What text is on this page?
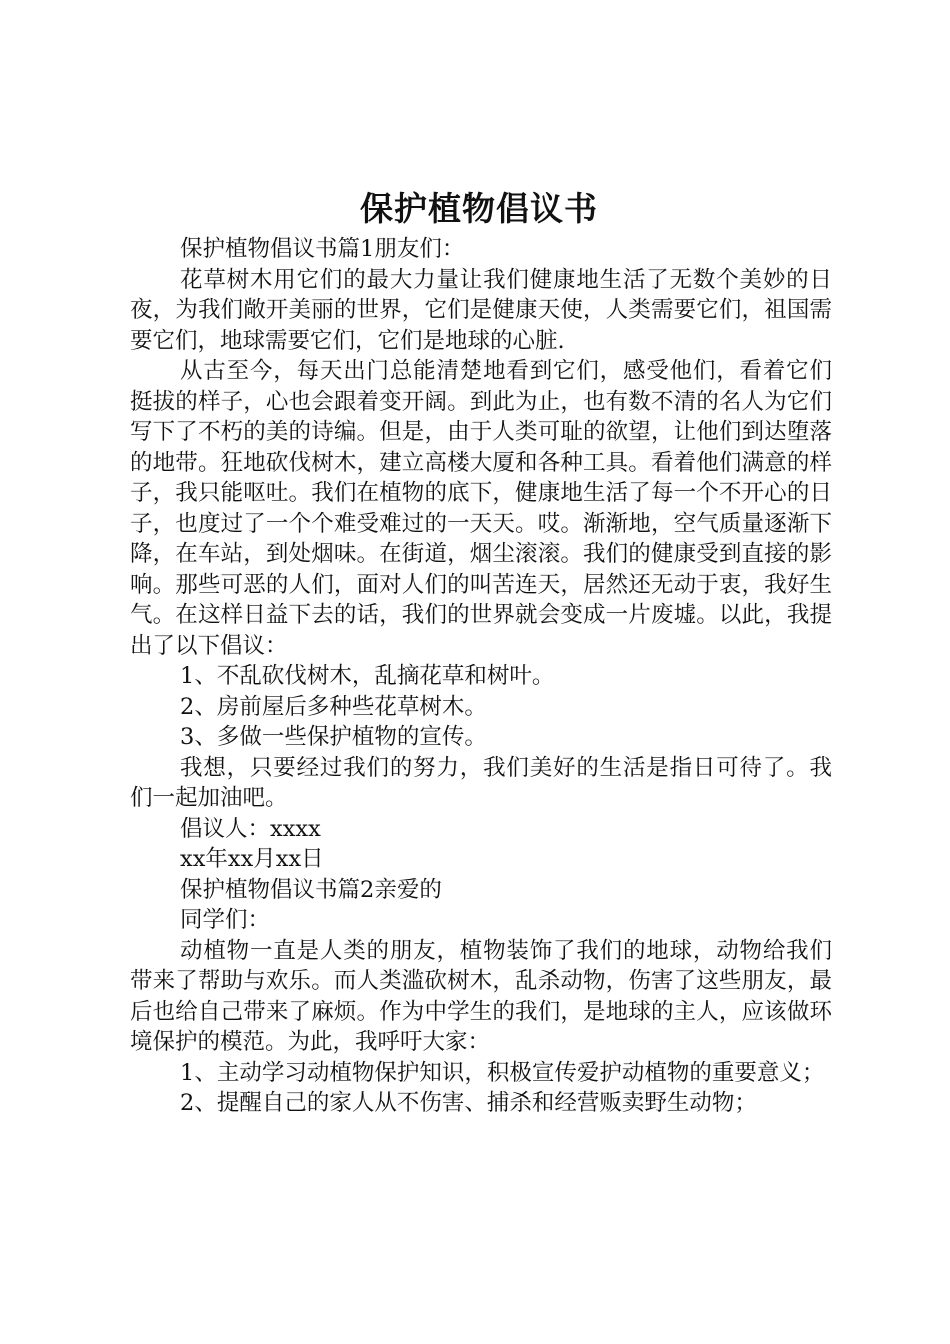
保护植物倡议书

保护植物倡议书篇1朋友们：

花草树木用它们的最大力量让我们健康地生活了无数个美妙的日夜，为我们敞开美丽的世界，它们是健康天使，人类需要它们，祖国需要它们，地球需要它们，它们是地球的心脏.

从古至今，每天出门总能清楚地看到它们，感受他们，看着它们挺拔的样子，心也会跟着变开阔。到此为止，也有数不清的名人为它们写下了不朽的美的诗编。但是，由于人类可耻的欲望，让他们到达堕落的地带。狂地砍伐树木，建立高楼大厦和各种工具。看着他们满意的样子，我只能呕吐。我们在植物的底下，健康地生活了每一个不开心的日子，也度过了一个个难受难过的一天天。哎。渐渐地，空气质量逐渐下降，在车站，到处烟味。在街道，烟尘滚滚。我们的健康受到直接的影响。那些可恶的人们，面对人们的叫苦连天，居然还无动于衷，我好生气。在这样日益下去的话，我们的世界就会变成一片废墟。以此，我提出了以下倡议：

1、不乱砍伐树木，乱摘花草和树叶。

2、房前屋后多种些花草树木。

3、多做一些保护植物的宣传。

我想，只要经过我们的努力，我们美好的生活是指日可待了。我们一起加油吧。

倡议人：xxxx

xx年xx月xx日

保护植物倡议书篇2亲爱的

同学们：

动植物一直是人类的朋友，植物装饰了我们的地球，动物给我们带来了帮助与欢乐。而人类滥砍树木，乱杀动物，伤害了这些朋友，最后也给自己带来了麻烦。作为中学生的我们，是地球的主人，应该做环境保护的模范。为此，我呼吁大家：

1、主动学习动植物保护知识，积极宣传爱护动植物的重要意义；

2、提醒自己的家人从不伤害、捕杀和经营贩卖野生动物；
